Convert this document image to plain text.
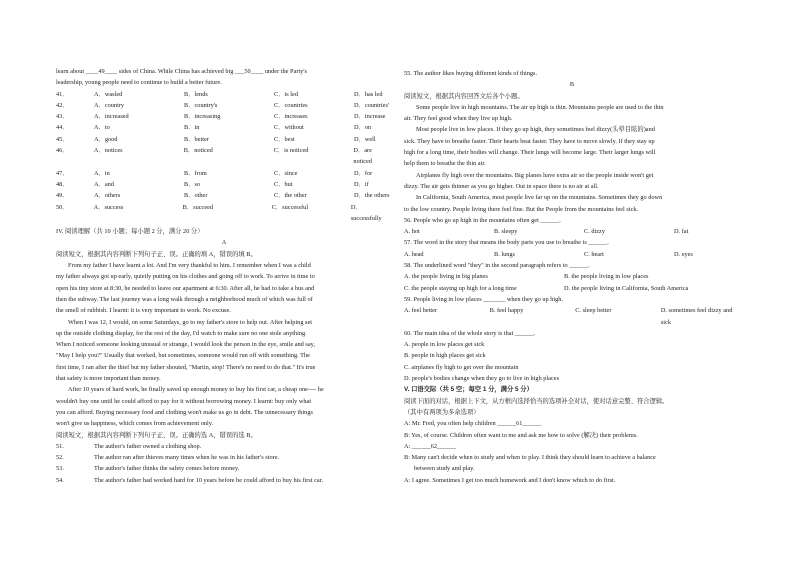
learn about ____49____ sides of China. While China has achieved big ___50____ under the Party's

leadership, young people need to continue to build a better future.

41．	A．wasled	B．lends	C．is led	D．has led
42．	A．country	B．country's	C．countries	D．countries'
43．	A．increased	B．increasing	C．increases	D．increase
44．	A．to	B．in	C．without	D．on
45．	A．good	B．better	C．best	D．well
46．	A．notices	B．noticed	C．is noticed	D．are noticed
47．	A．in	B．from	C．since	D．for
48．	A．and	B．so	C．but	D．if
49．	A．others	B．other	C．the other	D．the others
50．	A．success	B．succeed	C．successful	D．successfully

IV. 阅读理解（共 10 小题；每小题 2 分，满分 20 分）

A

阅读短文，根据其内容判断下列句子正、误。正确的填 A，错误的填 B。

From my father I have learnt a lot. And I'm very thankful to him. I remember when I was a child

my father always got up early, quietly putting on his clothes and going off to work. To arrive in time to

open his tiny store at 8:30, he needed to leave our apartment at 6:30. After all, he had to take a bus and

then the subway. The last journey was a long walk through a neighborhood much of which was full of

the smell of rubbish. I learnt: it is very important to work. No excuse.

When I was 12, I would, on some Saturdays, go to my father's store to help out. After helping set

up the outside clothing display, for the rest of the day, I'd watch to make sure no one stole anything.

When I noticed someone looking unusual or strange, I would look the person in the eye, smile and say,

"May I help you?" Usually that worked, but sometimes, someone would run off with something. The

first time, I ran after the thief but my father shouted, "Martin, stop! There's no need to do that." It's true

that safety is more important than money.

After 10 years of hard work, he finally saved up enough money to buy his first car, a cheap one---- he

wouldn't buy one until he could afford to pay for it without borrowing money. I learnt: buy only what

you can afford. Buying necessary food and clothing won't make us go in debt. The unnecessary things

won't give us happiness, which comes from achievement only.

阅读短文，根据其内容判断下列句子正、误。正确的选 A，错误的选 B。

51.	The author's father owned a clothing shop.
52.	The author ran after thieves many times when he was in his father's store.
53.	The author's father thinks the safety comes before money.
54.	The author's father had worked hard for 10 years before he could afford to buy his first car.

55. The author likes buying different kinds of things.

B

阅读短文，根据其内容回答文后各个小题。

Some people live in high mountains. The air up high is thin. Mountains people are used to the thin

air. They feel good when they live up high.

Most people live in low places. If they go up high, they sometimes feel dizzy(头晕目眩的)and

sick. They have to breathe faster. Their hearts beat faster. They have to move slowly. If they stay up

high for a long time, their bodies will change. Their lungs will become large. Their larger lungs will

help them to breathe the thin air.

Airplanes fly high over the mountains. Big planes have extra air so the people inside won't get

dizzy. The air gets thinner as you go higher. Out in space there is no air at all.

In California, South America, most people live far up on the mountains. Sometimes they go down

to the low country. People living there feel fine. But the People from the mountains feel sick.

56. People who go up high in the mountains often get ______.

A. hot	B. sleepy	C. dizzy	D. fat

57. The word in the story that means the body parts you use to breathe is ______.

A. head	B. lungs	C. heart	D. eyes

58. The underlined word "they" in the second paragraph refers to ______.

A. the people living in big planes	B. the people living in low places
C. the people staying up high for a long time	D. the people living in California, South America

59. People living in low places _______ when they go up high.

A. feel better	B. feel happy	C. sleep better	D. sometimes feel dizzy and sick

60. The main idea of the whole story is that ______.

A. people in low places get sick

B. people in high places get sick

C. airplanes fly high to get over the mountain

D. people's bodies change when they go to live in high places

V. 口语交际（共 5 空；每空 1 分，满分 5 分）

阅读下面的对话，根据上下文，从方框内选择恰当的选项补全对话，使对话意完整、符合逻辑。

（其中有两项为多余选项）

A: Mr. Fred, you often help children ______61______

B: Yes, of course. Children often want to me and ask me how to solve (解决) their problems.

A: ______62______

B: Many can't decide when to study and when to play. I think they should learn to achieve a balance

between study and play.

A: I agree. Sometimes I get too much homework and I don't know which to do first.
